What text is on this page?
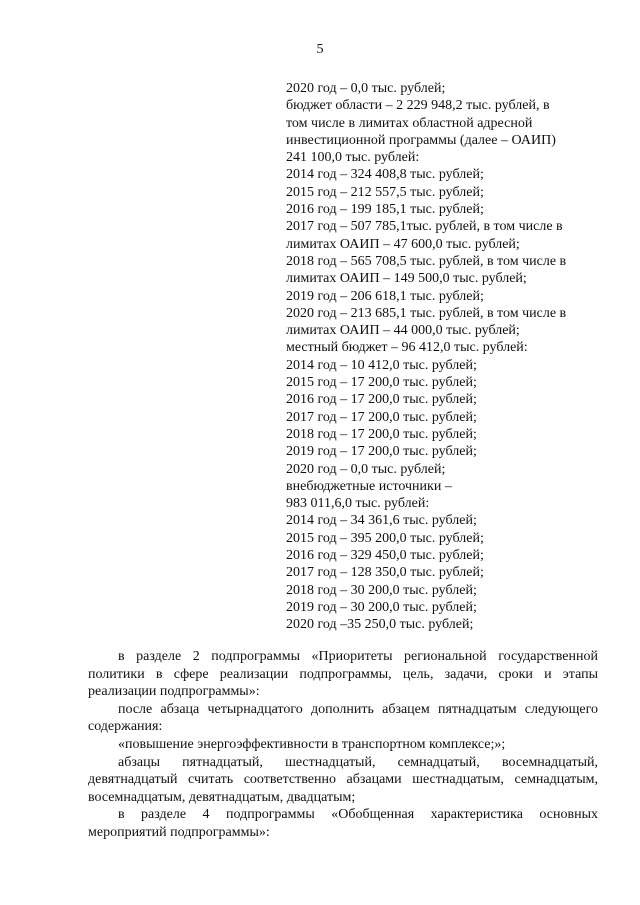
5
2020 год – 0,0 тыс. рублей;
бюджет области – 2 229 948,2 тыс. рублей, в
том числе в лимитах областной адресной
инвестиционной программы (далее – ОАИП)
241 100,0 тыс. рублей:
2014 год – 324 408,8 тыс. рублей;
2015 год – 212 557,5 тыс. рублей;
2016 год – 199 185,1 тыс. рублей;
2017 год – 507 785,1тыс. рублей, в том числе в
лимитах ОАИП – 47 600,0 тыс. рублей;
2018 год – 565 708,5 тыс. рублей, в том числе в
лимитах ОАИП – 149 500,0 тыс. рублей;
2019 год – 206 618,1 тыс. рублей;
2020 год – 213 685,1 тыс. рублей, в том числе в
лимитах ОАИП – 44 000,0 тыс. рублей;
местный бюджет – 96 412,0 тыс. рублей:
2014 год – 10 412,0 тыс. рублей;
2015 год – 17 200,0 тыс. рублей;
2016 год – 17 200,0 тыс. рублей;
2017 год – 17 200,0 тыс. рублей;
2018 год – 17 200,0 тыс. рублей;
2019 год – 17 200,0 тыс. рублей;
2020 год – 0,0 тыс. рублей;
внебюджетные источники –
983 011,6,0 тыс. рублей:
2014 год – 34 361,6 тыс. рублей;
2015 год – 395 200,0 тыс. рублей;
2016 год – 329 450,0 тыс. рублей;
2017 год – 128 350,0 тыс. рублей;
2018 год – 30 200,0 тыс. рублей;
2019 год – 30 200,0 тыс. рублей;
2020 год –35 250,0 тыс. рублей;

в разделе 2 подпрограммы «Приоритеты региональной государственной политики в сфере реализации подпрограммы, цель, задачи, сроки и этапы реализации подпрограммы»:

после абзаца четырнадцатого дополнить абзацем пятнадцатым следующего содержания:

«повышение энергоэффективности в транспортном комплексе;»;

абзацы пятнадцатый, шестнадцатый, семнадцатый, восемнадцатый, девятнадцатый считать соответственно абзацами шестнадцатым, семнадцатым, восемнадцатым, девятнадцатым, двадцатым;

в разделе 4 подпрограммы «Обобщенная характеристика основных мероприятий подпрограммы»:
